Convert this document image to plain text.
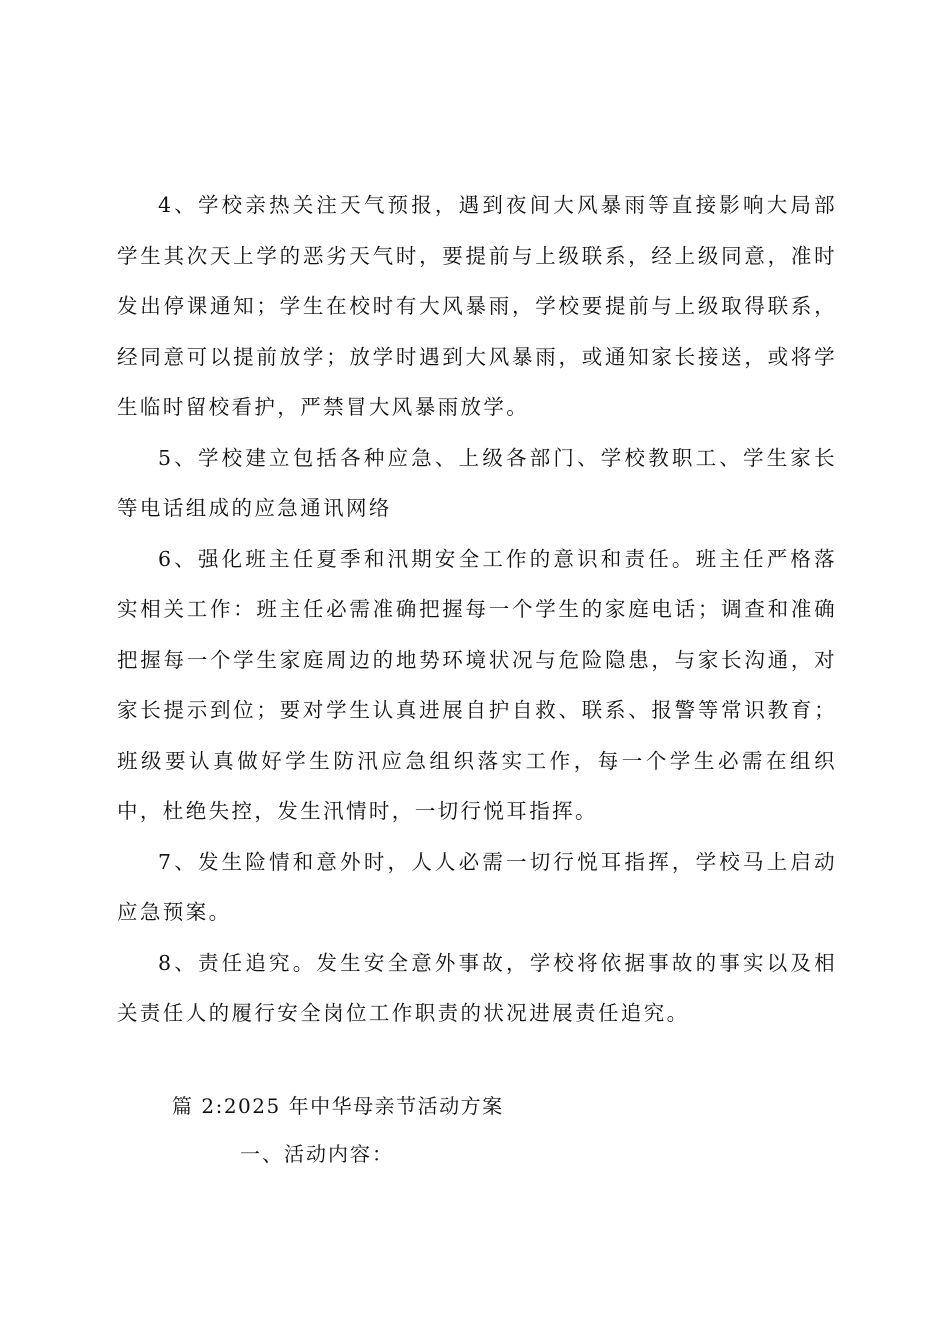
4、学校亲热关注天气预报，遇到夜间大风暴雨等直接影响大局部学生其次天上学的恶劣天气时，要提前与上级联系，经上级同意，准时发出停课通知；学生在校时有大风暴雨，学校要提前与上级取得联系，经同意可以提前放学；放学时遇到大风暴雨，或通知家长接送，或将学生临时留校看护，严禁冒大风暴雨放学。

5、学校建立包括各种应急、上级各部门、学校教职工、学生家长等电话组成的应急通讯网络

6、强化班主任夏季和汛期安全工作的意识和责任。班主任严格落实相关工作：班主任必需准确把握每一个学生的家庭电话；调查和准确把握每一个学生家庭周边的地势环境状况与危险隐患，与家长沟通，对家长提示到位；要对学生认真进展自护自救、联系、报警等常识教育；班级要认真做好学生防汛应急组织落实工作，每一个学生必需在组织中，杜绝失控，发生汛情时，一切行悦耳指挥。

7、发生险情和意外时，人人必需一切行悦耳指挥，学校马上启动应急预案。

8、责任追究。发生安全意外事故，学校将依据事故的事实以及相关责任人的履行安全岗位工作职责的状况进展责任追究。

篇 2:2025 年中华母亲节活动方案
一、活动内容：
